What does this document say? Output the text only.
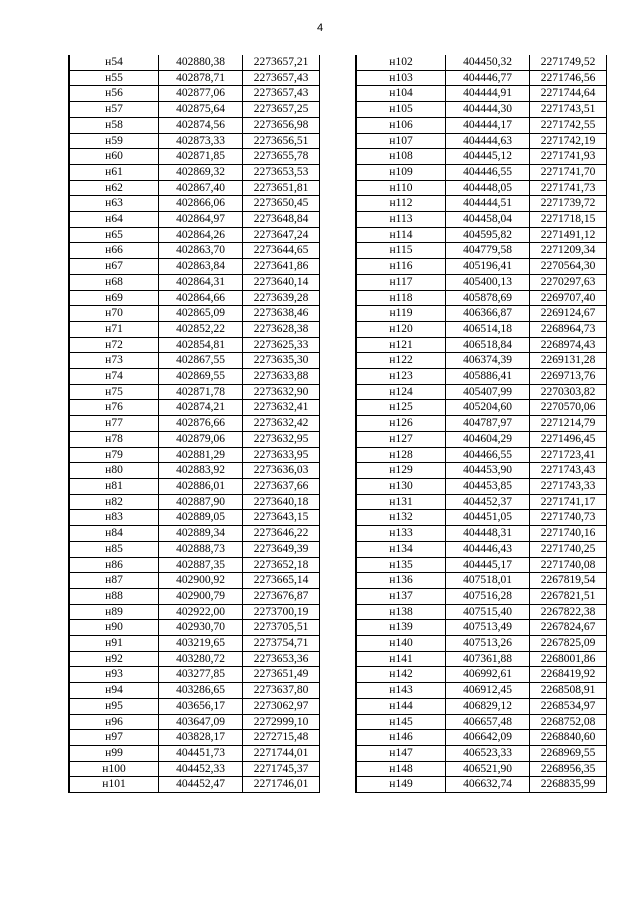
4
н54	402880,38	2273657,21
н55	402878,71	2273657,43
н56	402877,06	2273657,43
н57	402875,64	2273657,25
н58	402874,56	2273656,98
н59	402873,33	2273656,51
н60	402871,85	2273655,78
н61	402869,32	2273653,53
н62	402867,40	2273651,81
н63	402866,06	2273650,45
н64	402864,97	2273648,84
н65	402864,26	2273647,24
н66	402863,70	2273644,65
н67	402863,84	2273641,86
н68	402864,31	2273640,14
н69	402864,66	2273639,28
н70	402865,09	2273638,46
н71	402852,22	2273628,38
н72	402854,81	2273625,33
н73	402867,55	2273635,30
н74	402869,55	2273633,88
н75	402871,78	2273632,90
н76	402874,21	2273632,41
н77	402876,66	2273632,42
н78	402879,06	2273632,95
н79	402881,29	2273633,95
н80	402883,92	2273636,03
н81	402886,01	2273637,66
н82	402887,90	2273640,18
н83	402889,05	2273643,15
н84	402889,34	2273646,22
н85	402888,73	2273649,39
н86	402887,35	2273652,18
н87	402900,92	2273665,14
н88	402900,79	2273676,87
н89	402922,00	2273700,19
н90	402930,70	2273705,51
н91	403219,65	2273754,71
н92	403280,72	2273653,36
н93	403277,85	2273651,49
н94	403286,65	2273637,80
н95	403656,17	2273062,97
н96	403647,09	2272999,10
н97	403828,17	2272715,48
н99	404451,73	2271744,01
н100	404452,33	2271745,37
н101	404452,47	2271746,01
н102	404450,32	2271749,52
н103	404446,77	2271746,56
н104	404444,91	2271744,64
н105	404444,30	2271743,51
н106	404444,17	2271742,55
н107	404444,63	2271742,19
н108	404445,12	2271741,93
н109	404446,55	2271741,70
н110	404448,05	2271741,73
н112	404444,51	2271739,72
н113	404458,04	2271718,15
н114	404595,82	2271491,12
н115	404779,58	2271209,34
н116	405196,41	2270564,30
н117	405400,13	2270297,63
н118	405878,69	2269707,40
н119	406366,87	2269124,67
н120	406514,18	2268964,73
н121	406518,84	2268974,43
н122	406374,39	2269131,28
н123	405886,41	2269713,76
н124	405407,99	2270303,82
н125	405204,60	2270570,06
н126	404787,97	2271214,79
н127	404604,29	2271496,45
н128	404466,55	2271723,41
н129	404453,90	2271743,43
н130	404453,85	2271743,33
н131	404452,37	2271741,17
н132	404451,05	2271740,73
н133	404448,31	2271740,16
н134	404446,43	2271740,25
н135	404445,17	2271740,08
н136	407518,01	2267819,54
н137	407516,28	2267821,51
н138	407515,40	2267822,38
н139	407513,49	2267824,67
н140	407513,26	2267825,09
н141	407361,88	2268001,86
н142	406992,61	2268419,92
н143	406912,45	2268508,91
н144	406829,12	2268534,97
н145	406657,48	2268752,08
н146	406642,09	2268840,60
н147	406523,33	2268969,55
н148	406521,90	2268956,35
н149	406632,74	2268835,99
